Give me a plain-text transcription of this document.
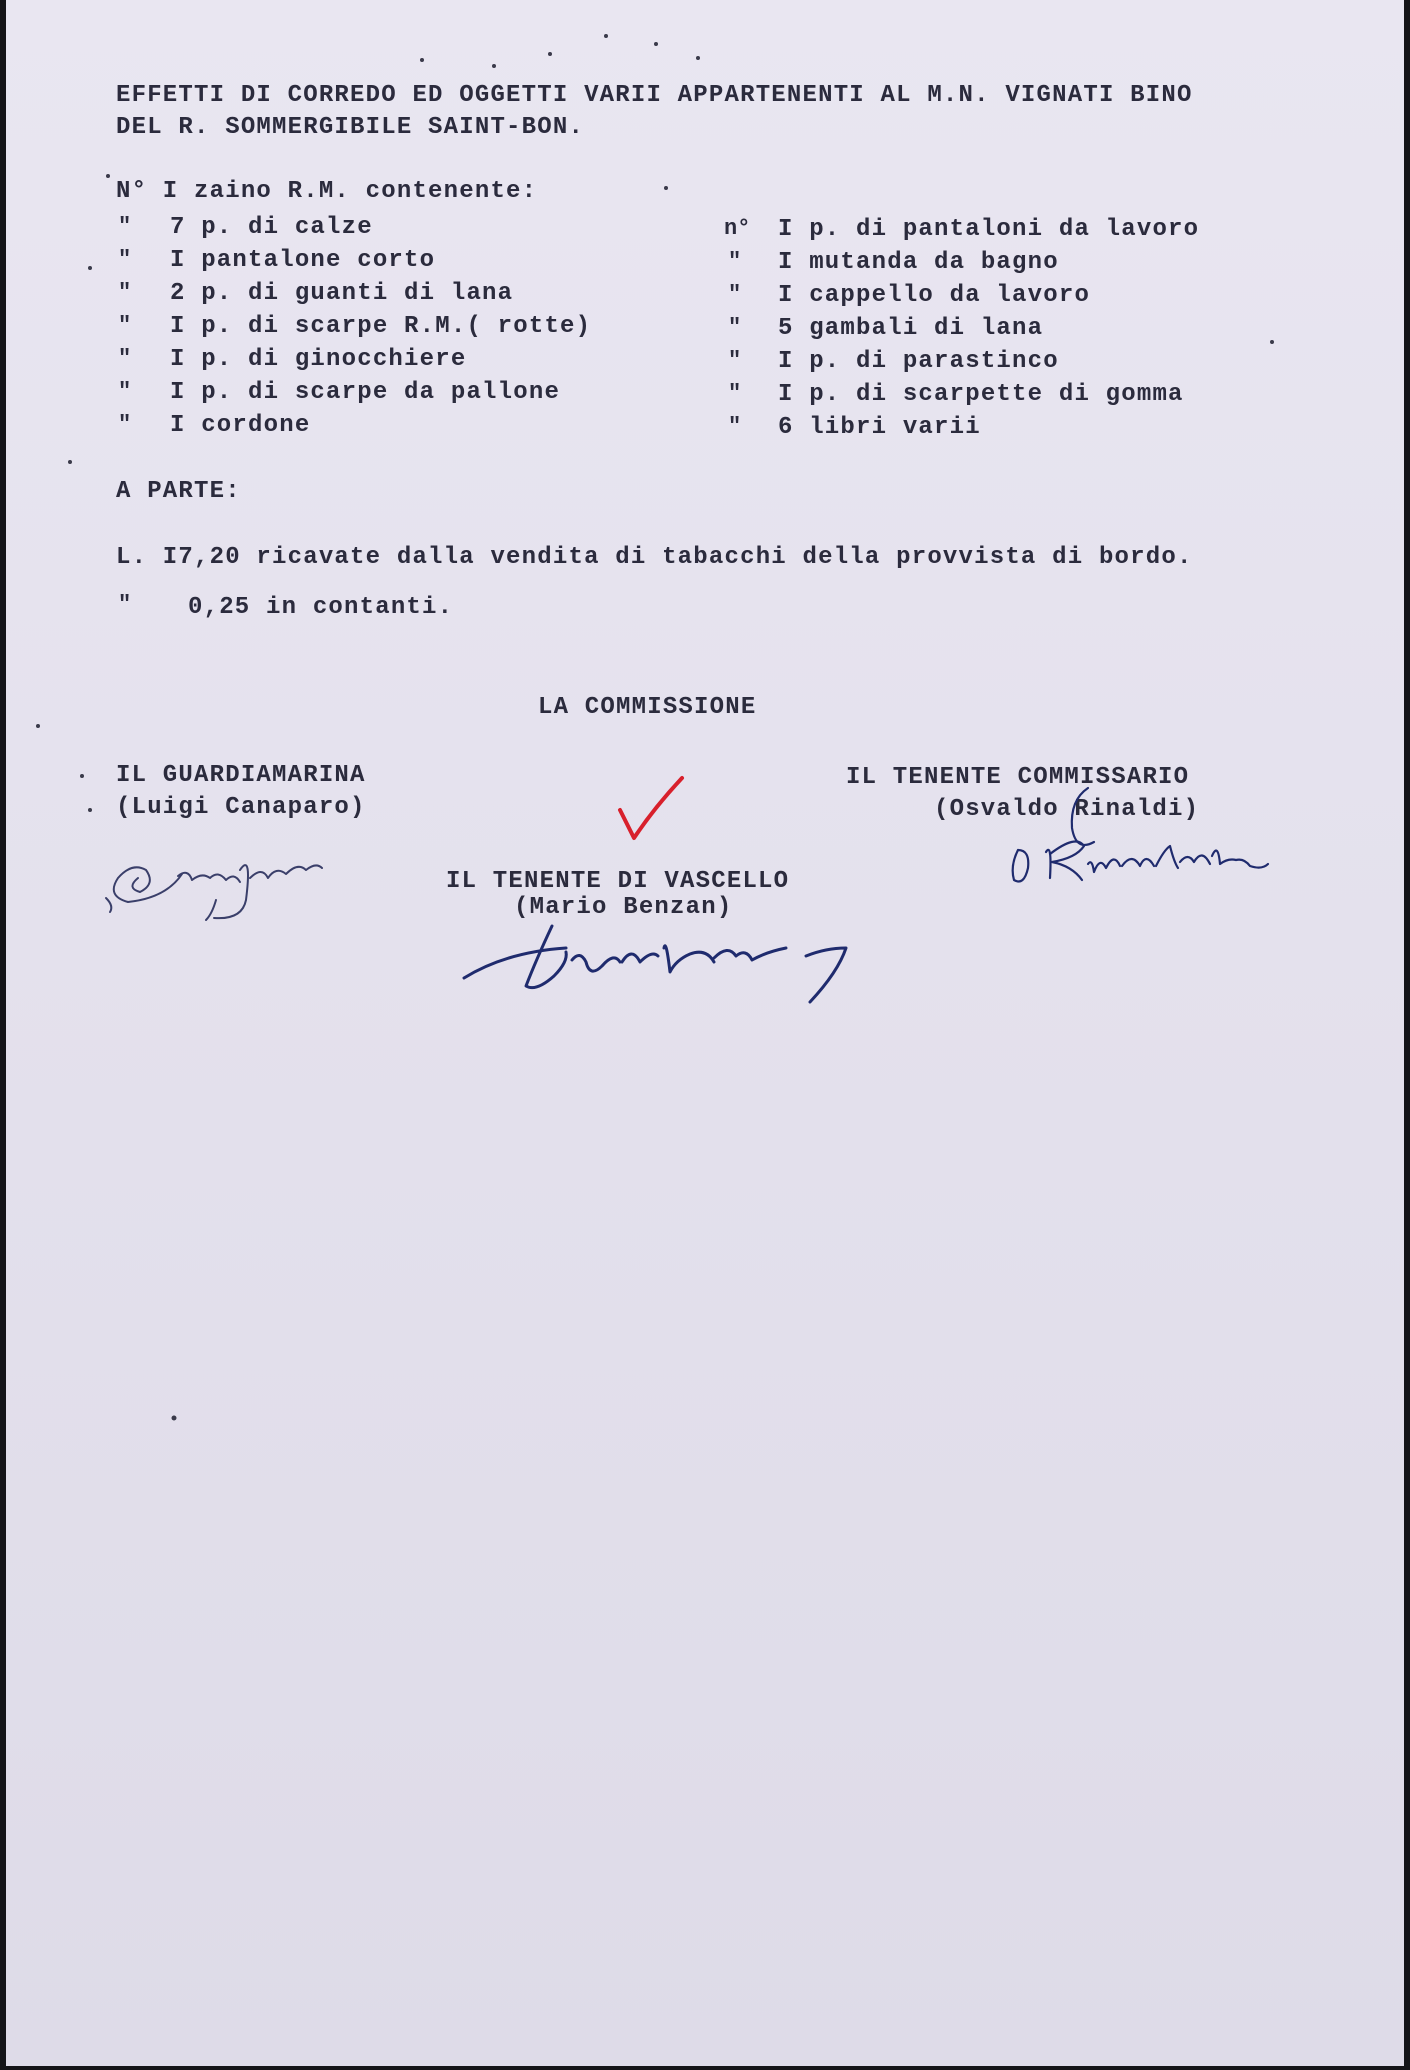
EFFETTI DI CORREDO ED OGGETTI VARII APPARTENENTI AL M.N. VIGNATI BINO
DEL R. SOMMERGIBILE SAINT-BON.
N° I zaino R.M. contenente:
" 7 p. di calze
" I pantalone corto
" 2 p. di guanti di lana
" I p. di scarpe R.M.( rotte)
" I p. di ginocchiere
" I p. di scarpe da pallone
" I cordone
n° I p. di pantaloni da lavoro
" I mutanda da bagno
" I cappello da lavoro
" 5 gambali di lana
" I p. di parastinco
" I p. di scarpette di gomma
" 6 libri varii
A PARTE:
L. I7,20 ricavate dalla vendita di tabacchi della provvista di bordo.
" 0,25 in contanti.
LA COMMISSIONE
IL GUARDIAMARINA
(Luigi Canaparo)
IL TENENTE COMMISSARIO
(Osvaldo Rinaldi)
IL TENENTE DI VASCELLO
(Mario Benzan)
